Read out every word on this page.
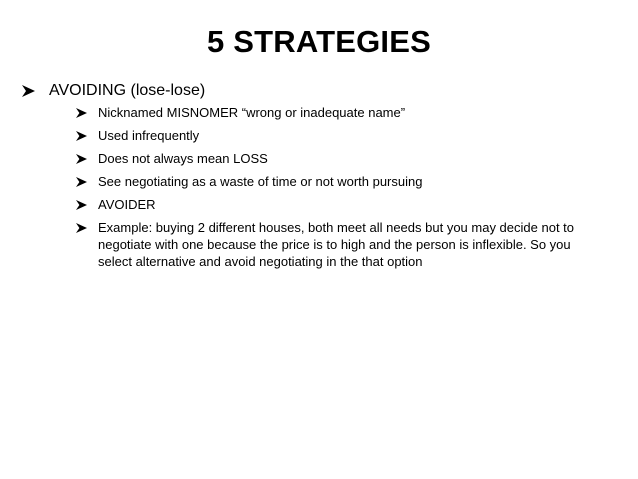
5 STRATEGIES
AVOIDING (lose-lose)
Nicknamed MISNOMER “wrong or inadequate name”
Used infrequently
Does not always mean LOSS
See negotiating as a waste of time or not worth pursuing
AVOIDER
Example: buying 2 different houses, both meet all needs but you may decide not to negotiate with one because the price is to high and the person is inflexible. So you select alternative and avoid negotiating in the that option
